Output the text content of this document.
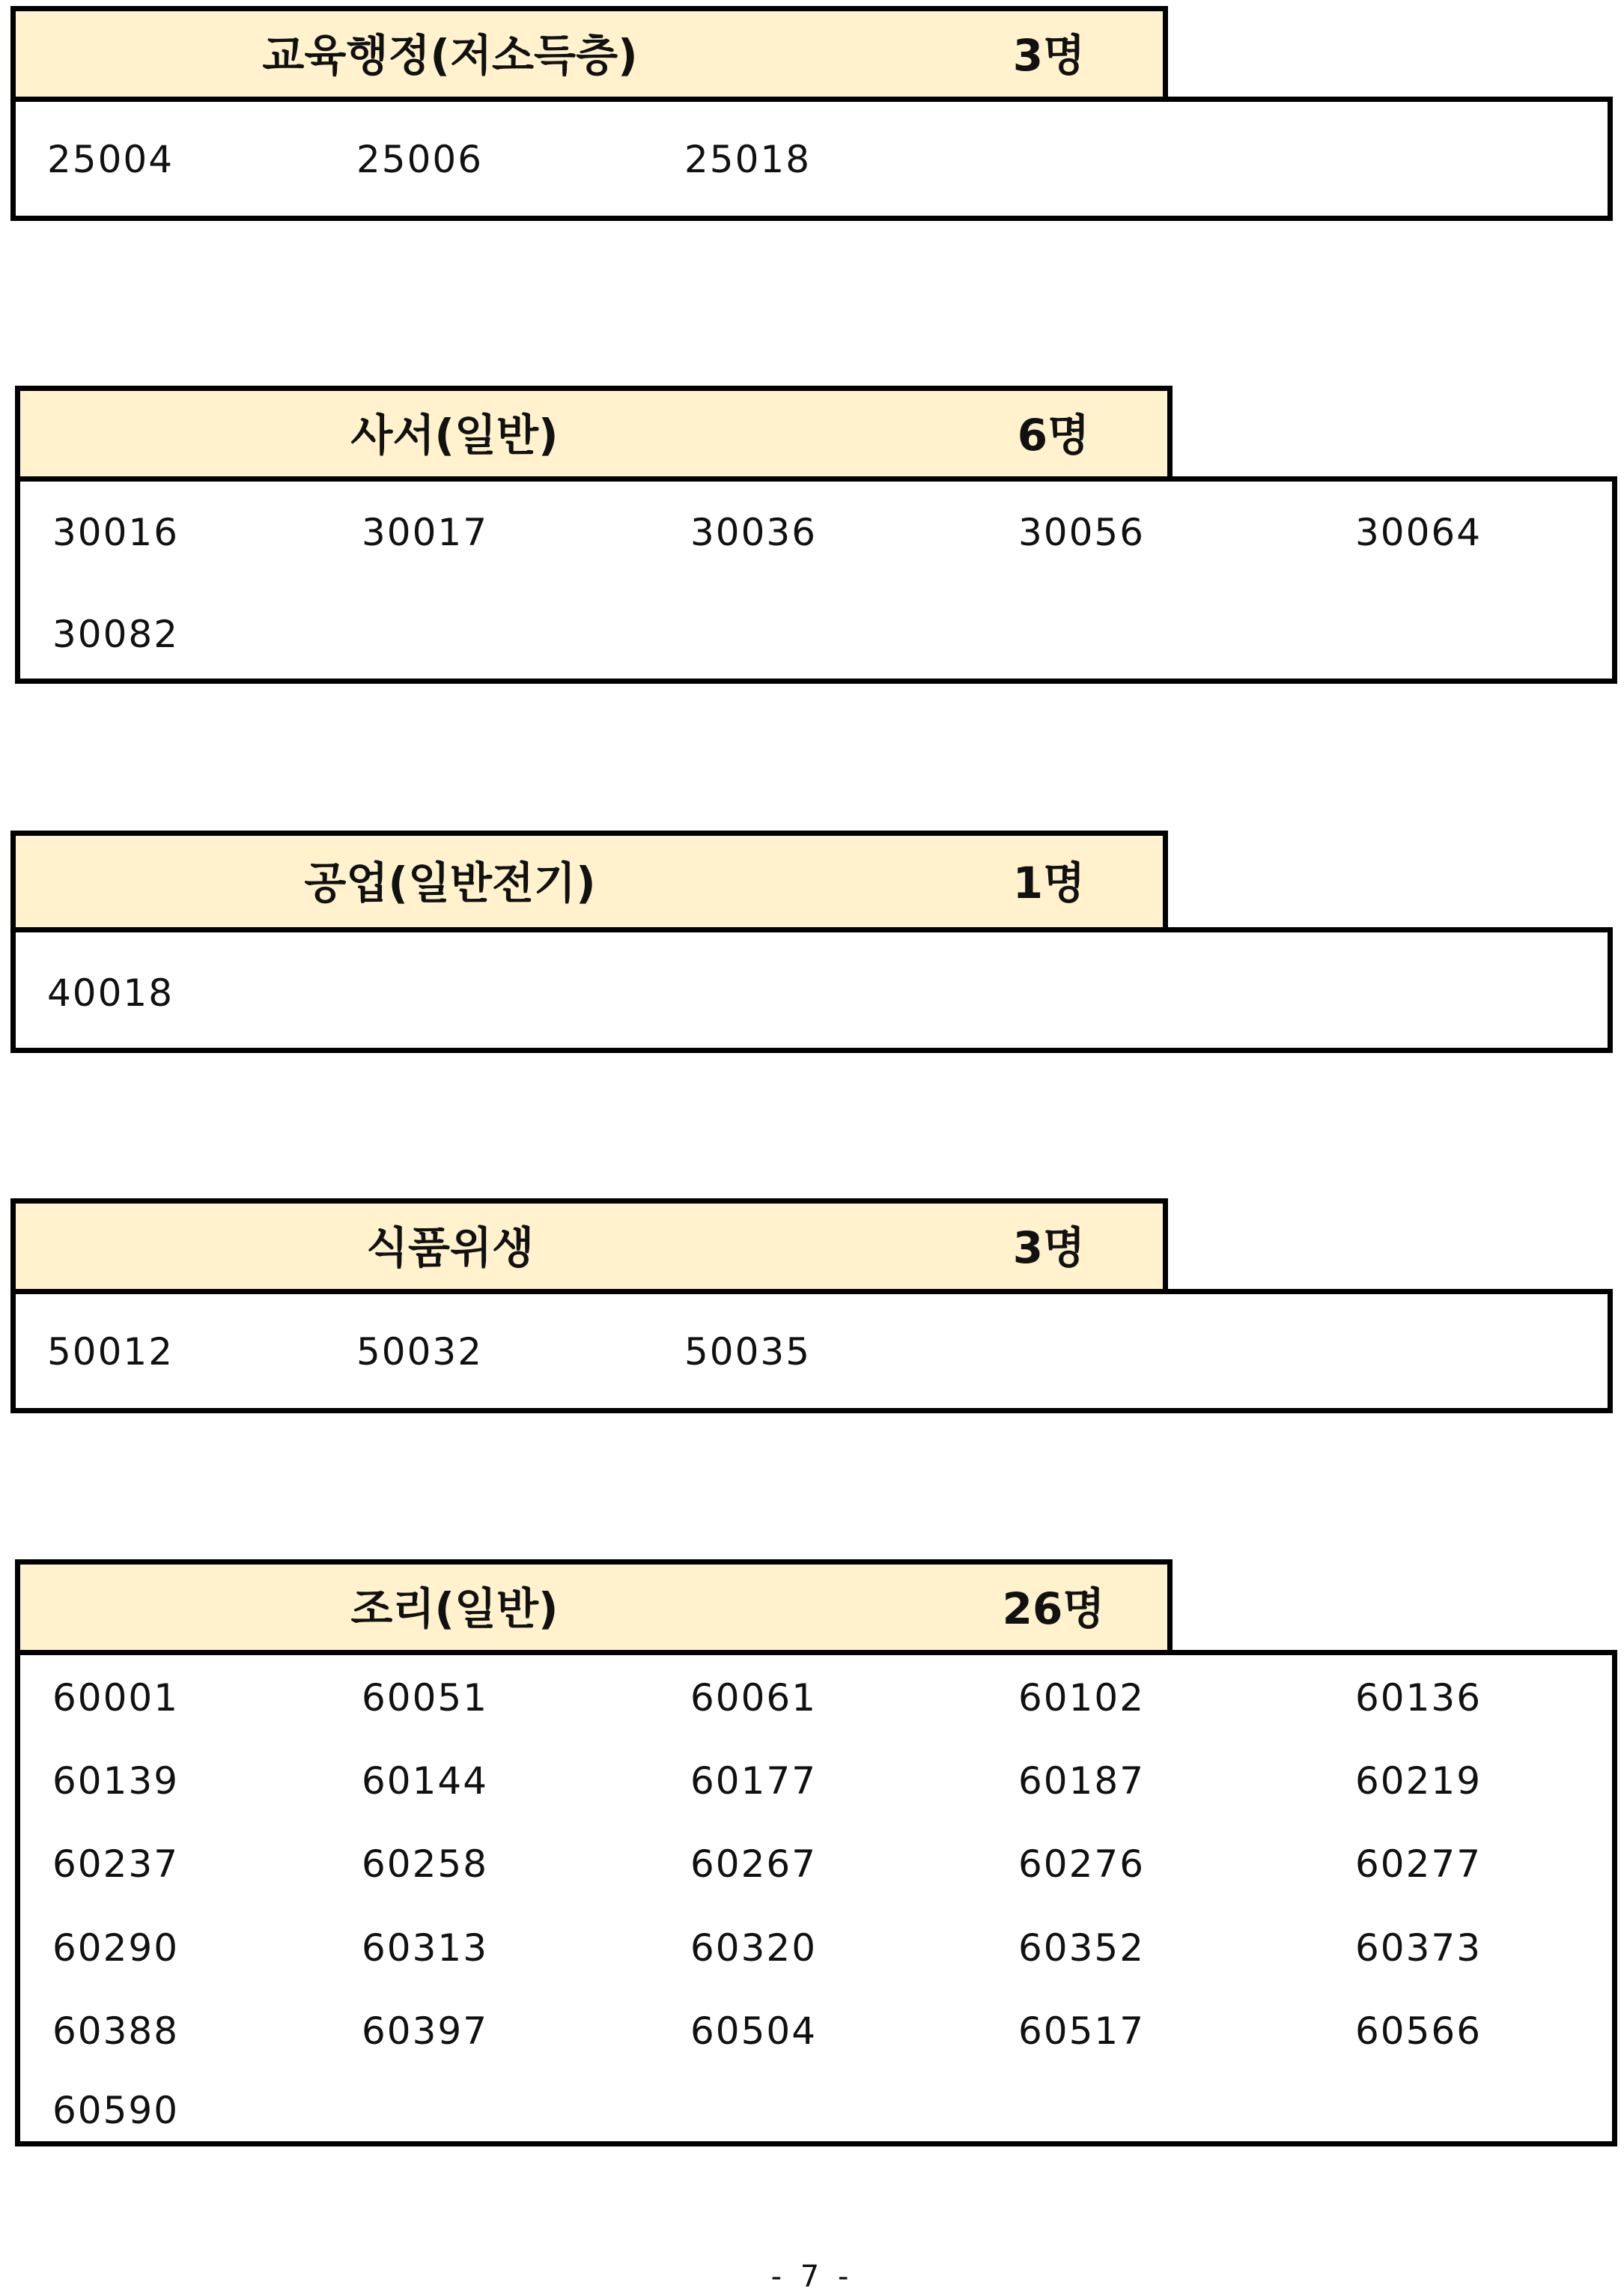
교육행정(저소득층)	3명
25004	25006	25018
사서(일반)	6명
30016	30017	30036	30056	30064
30082
공업(일반전기)	1명
40018
식품위생	3명
50012	50032	50035
조리(일반)	26명
60001	60051	60061	60102	60136
60139	60144	60177	60187	60219
60237	60258	60267	60276	60277
60290	60313	60320	60352	60373
60388	60397	60504	60517	60566
60590
- 7 -
